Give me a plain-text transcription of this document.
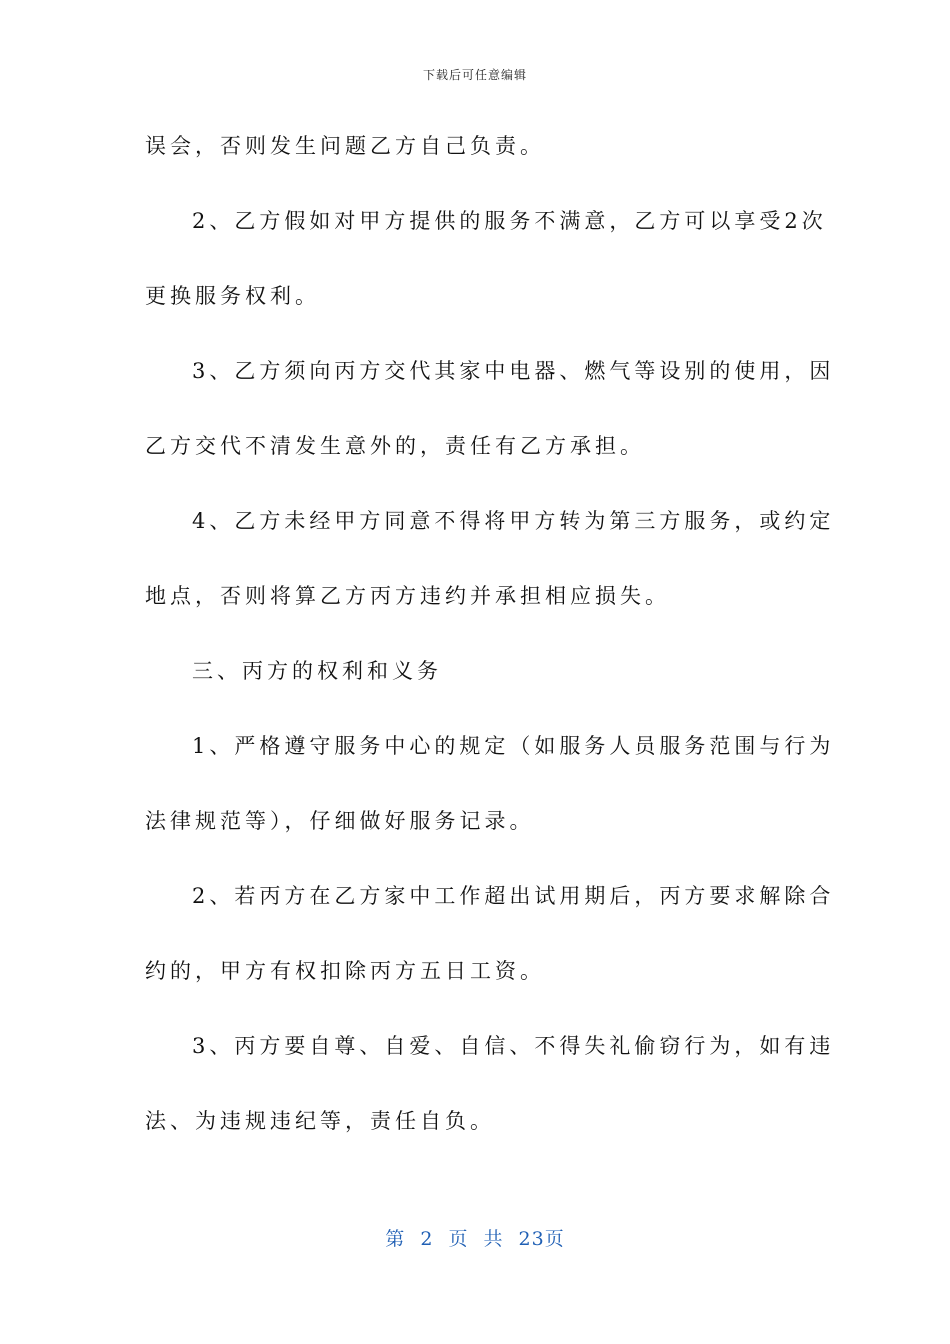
下载后可任意编辑
误会，否则发生问题乙方自己负责。
2、乙方假如对甲方提供的服务不满意，乙方可以享受2次
更换服务权利。
3、乙方须向丙方交代其家中电器、燃气等设别的使用，因
乙方交代不清发生意外的，责任有乙方承担。
4、乙方未经甲方同意不得将甲方转为第三方服务，或约定
地点，否则将算乙方丙方违约并承担相应损失。
三、丙方的权利和义务
1、严格遵守服务中心的规定（如服务人员服务范围与行为
法律规范等），仔细做好服务记录。
2、若丙方在乙方家中工作超出试用期后，丙方要求解除合
约的，甲方有权扣除丙方五日工资。
3、丙方要自尊、自爱、自信、不得失礼偷窃行为，如有违
法、为违规违纪等，责任自负。
第 2 页 共 23页
